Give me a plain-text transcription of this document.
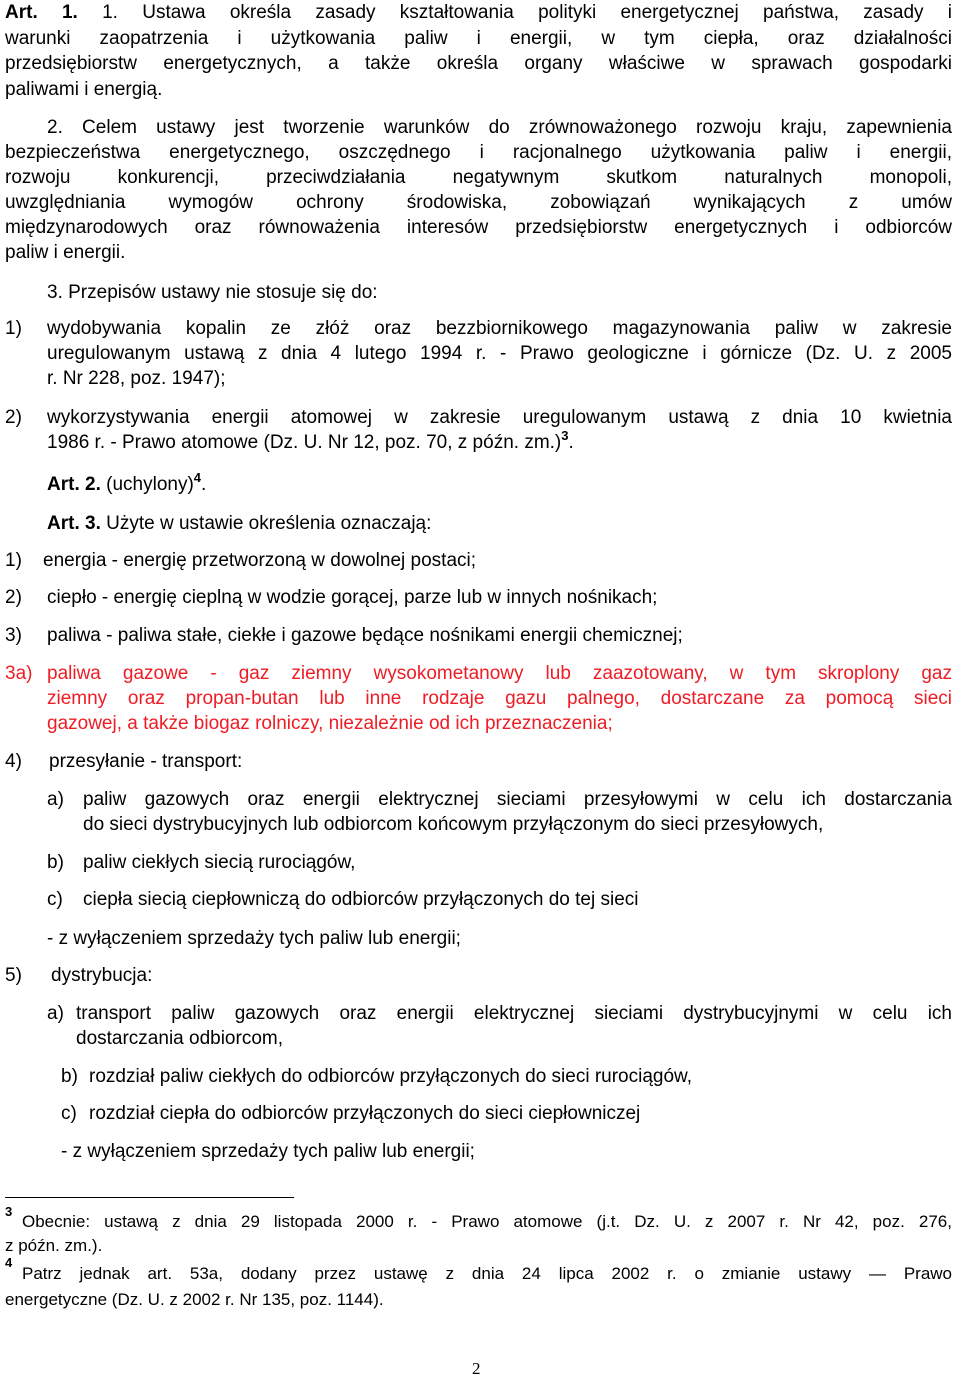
Art. 1. 1. Ustawa określa zasady kształtowania polityki energetycznej państwa, zasady i
warunki zaopatrzenia i użytkowania paliw i energii, w tym ciepła, oraz działalności
przedsiębiorstw energetycznych, a także określa organy właściwe w sprawach gospodarki
paliwami i energią.
2. Celem ustawy jest tworzenie warunków do zrównoważonego rozwoju kraju, zapewnienia
bezpieczeństwa energetycznego, oszczędnego i racjonalnego użytkowania paliw i energii,
rozwoju konkurencji, przeciwdziałania negatywnym skutkom naturalnych monopoli,
uwzględniania wymogów ochrony środowiska, zobowiązań wynikających z umów
międzynarodowych oraz równoważenia interesów przedsiębiorstw energetycznych i odbiorców
paliw i energii.
3. Przepisów ustawy nie stosuje się do:
1) wydobywania kopalin ze złóż oraz bezzbiornikowego magazynowania paliw w zakresie
uregulowanym ustawą z dnia 4 lutego 1994 r. - Prawo geologiczne i górnicze (Dz. U. z 2005
r. Nr 228, poz. 1947);
2) wykorzystywania energii atomowej w zakresie uregulowanym ustawą z dnia 10 kwietnia
1986 r. - Prawo atomowe (Dz. U. Nr 12, poz. 70, z późn. zm.)$^3$.
Art. 2. (uchylony)$^4$.
Art. 3. Użyte w ustawie określenia oznaczają:
1) energia - energię przetworzoną w dowolnej postaci;
2) ciepło - energię cieplną w wodzie gorącej, parze lub w innych nośnikach;
3) paliwa - paliwa stałe, ciekłe i gazowe będące nośnikami energii chemicznej;
3a) paliwa gazowe - gaz ziemny wysokometanowy lub zaazotowany, w tym skroplony gaz
ziemny oraz propan-butan lub inne rodzaje gazu palnego, dostarczane za pomocą sieci
gazowej, a także biogaz rolniczy, niezależnie od ich przeznaczenia;
4) przesyłanie - transport:
a) paliw gazowych oraz energii elektrycznej sieciami przesyłowymi w celu ich dostarczania
do sieci dystrybucyjnych lub odbiorcom końcowym przyłączonym do sieci przesyłowych,
b) paliw ciekłych siecią rurociągów,
c) ciepła siecią ciepłowniczą do odbiorców przyłączonych do tej sieci
- z wyłączeniem sprzedaży tych paliw lub energii;
5) dystrybucja:
a) transport paliw gazowych oraz energii elektrycznej sieciami dystrybucyjnymi w celu ich
dostarczania odbiorcom,
b) rozdział paliw ciekłych do odbiorców przyłączonych do sieci rurociągów,
c) rozdział ciepła do odbiorców przyłączonych do sieci ciepłowniczej
- z wyłączeniem sprzedaży tych paliw lub energii;
3
Obecnie: ustawą z dnia 29 listopada 2000 r. - Prawo atomowe (j.t. Dz. U. z 2007 r. Nr 42, poz. 276,
z późn. zm.).
4
Patrz jednak art. 53a, dodany przez ustawę z dnia 24 lipca 2002 r. o zmianie ustawy — Prawo
energetyczne (Dz. U. z 2002 r. Nr 135, poz. 1144).
2
